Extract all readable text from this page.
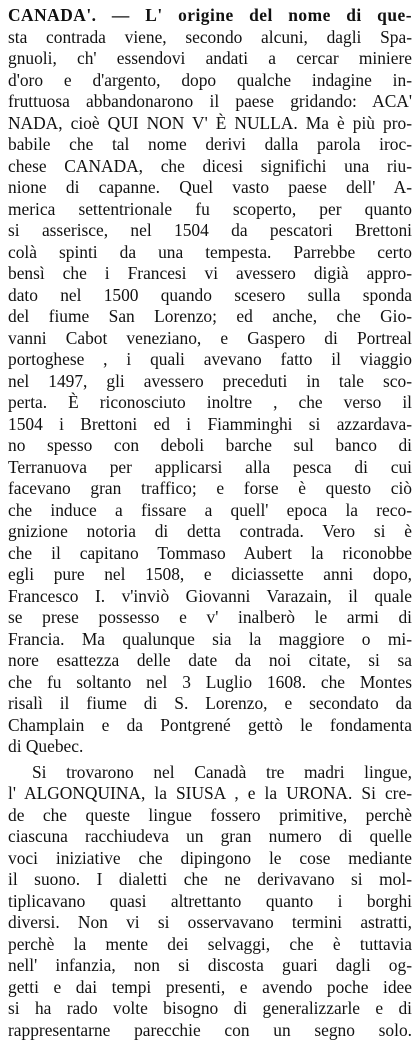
CANADA'. — L' origine del nome di que-
sta contrada viene, secondo alcuni, dagli Spa-
gnuoli, ch' essendovi andati a cercar miniere
d'oro e d'argento, dopo qualche indagine in-
fruttuosa abbandonarono il paese gridando: ACA'
NADA, cioè QUI NON V' È NULLA. Ma è più pro-
babile che tal nome derivi dalla parola iroc-
chese CANADA, che dicesi significhi una riu-
nione di capanne. Quel vasto paese dell' A-
merica settentrionale fu scoperto, per quanto
si asserisce, nel 1504 da pescatori Brettoni
colà spinti da una tempesta. Parrebbe certo
bensì che i Francesi vi avessero digià appro-
dato nel 1500 quando scesero sulla sponda
del fiume San Lorenzo; ed anche, che Gio-
vanni Cabot veneziano, e Gaspero di Portreal
portoghese , i quali avevano fatto il viaggio
nel 1497, gli avessero preceduti in tale sco-
perta. È riconosciuto inoltre , che verso il
1504 i Brettoni ed i Fiamminghi si azzardava-
no spesso con deboli barche sul banco di
Terranuova per applicarsi alla pesca di cui
facevano gran traffico; e forse è questo ciò
che induce a fissare a quell' epoca la reco-
gnizione notoria di detta contrada. Vero si è
che il capitano Tommaso Aubert la riconobbe
egli pure nel 1508, e diciassette anni dopo,
Francesco I. v'inviò Giovanni Varazain, il quale
se prese possesso e v' inalberò le armi di
Francia. Ma qualunque sia la maggiore o mi-
nore esattezza delle date da noi citate, si sa
che fu soltanto nel 3 Luglio 1608. che Montes
risalì il fiume di S. Lorenzo, e secondato da
Champlain e da Pontgrené gettò le fondamenta
di Quebec.
Si trovarono nel Canadà tre madri lingue,
l' ALGONQUINA, la SIUSA , e la URONA. Si cre-
de che queste lingue fossero primitive, perchè
ciascuna racchiudeva un gran numero di quelle
voci iniziative che dipingono le cose mediante
il suono. I dialetti che ne derivavano si mol-
tiplicavano quasi altrettanto quanto i borghi
diversi. Non vi si osservavano termini astratti,
perchè la mente dei selvaggi, che è tuttavia
nell' infanzia, non si discosta guari dagli og-
getti e dai tempi presenti, e avendo poche idee
si ha rado volte bisogno di generalizzarle e di
rappresentarne parecchie con un segno solo.
